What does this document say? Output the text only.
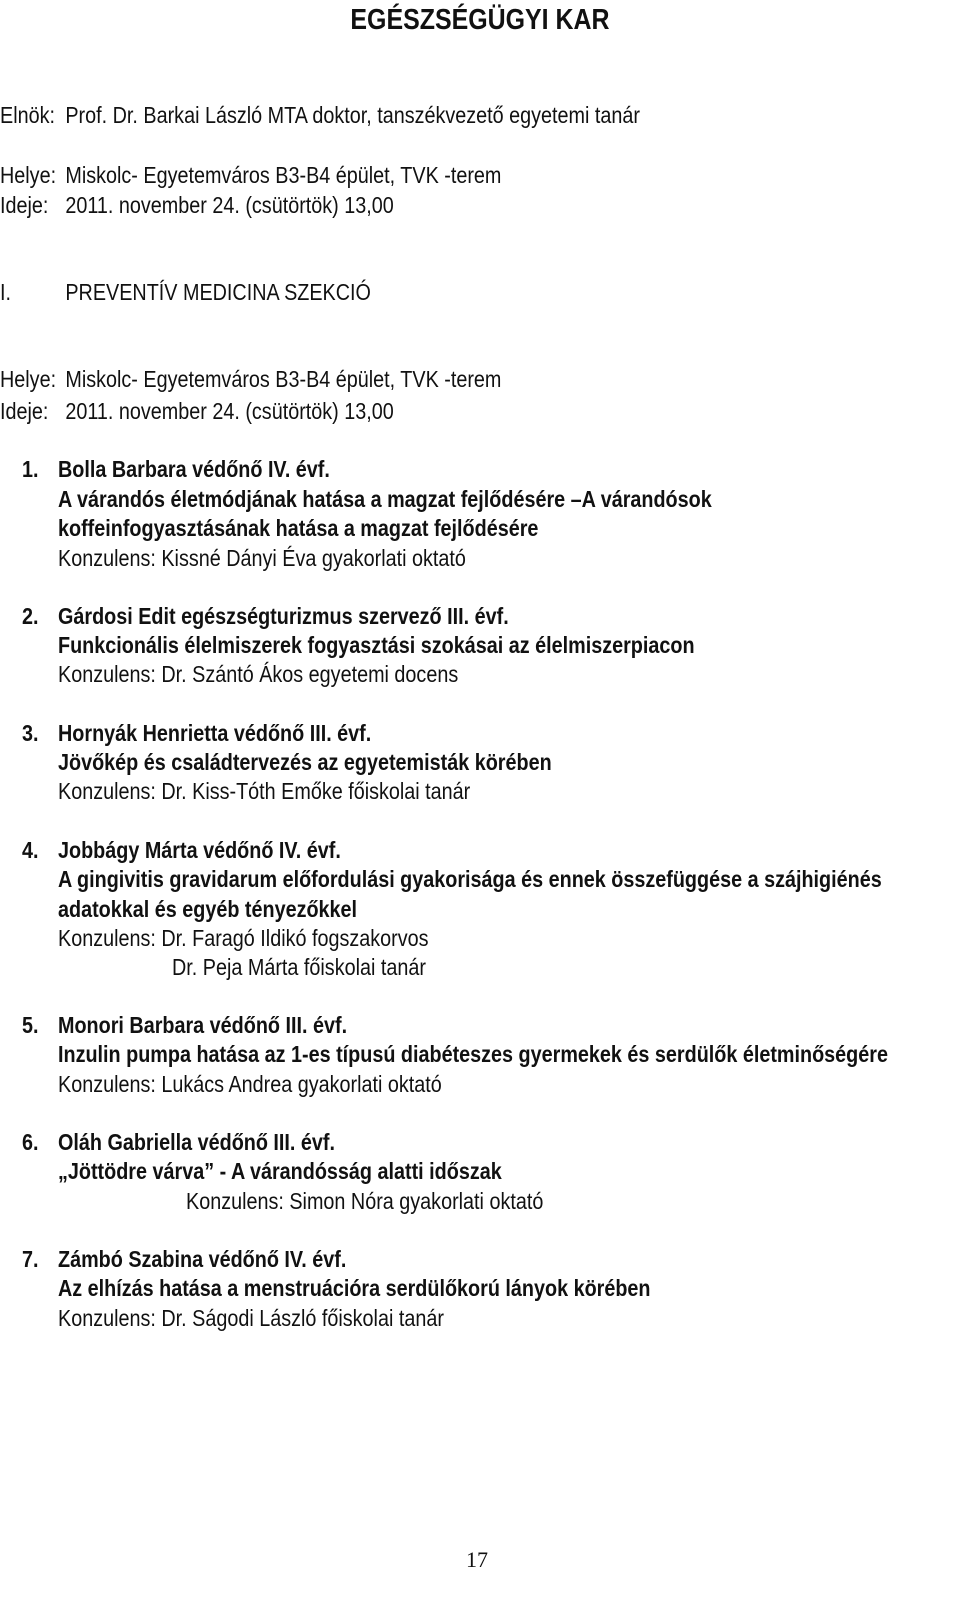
EGÉSZSÉGÜGYI KAR
Elnök: Prof. Dr. Barkai László MTA doktor, tanszékvezető egyetemi tanár
Helye: Miskolc- Egyetemváros B3-B4 épület, TVK -terem
Ideje: 2011. november 24. (csütörtök) 13,00
I. PREVENTÍV MEDICINA SZEKCIÓ
Helye: Miskolc- Egyetemváros B3-B4 épület, TVK -terem
Ideje: 2011. november 24. (csütörtök) 13,00
1. Bolla Barbara védőnő IV. évf.
A várandós életmódjának hatása a magzat fejlődésére –A várandósok
koffeinfogyasztásának hatása a magzat fejlődésére
Konzulens: Kissné Dányi Éva gyakorlati oktató
2. Gárdosi Edit egészségturizmus szervező III. évf.
Funkcionális élelmiszerek fogyasztási szokásai az élelmiszerpiacon
Konzulens: Dr. Szántó Ákos egyetemi docens
3. Hornyák Henrietta védőnő III. évf.
Jövőkép és családtervezés az egyetemisták körében
Konzulens: Dr. Kiss-Tóth Emőke főiskolai tanár
4. Jobbágy Márta védőnő IV. évf.
A gingivitis gravidarum előfordulási gyakorisága és ennek összefüggése a szájhigiénés
adatokkal és egyéb tényezőkkel
Konzulens: Dr. Faragó Ildikó fogszakorvos
Dr. Peja Márta főiskolai tanár
5. Monori Barbara védőnő III. évf.
Inzulin pumpa hatása az 1-es típusú diabéteszes gyermekek és serdülők életminőségére
Konzulens: Lukács Andrea gyakorlati oktató
6. Oláh Gabriella védőnő III. évf.
„Jöttödre várva” - A várandósság alatti időszak
Konzulens: Simon Nóra gyakorlati oktató
7. Zámbó Szabina védőnő IV. évf.
Az elhízás hatása a menstruációra serdülőkorú lányok körében
Konzulens: Dr. Ságodi László főiskolai tanár
17
